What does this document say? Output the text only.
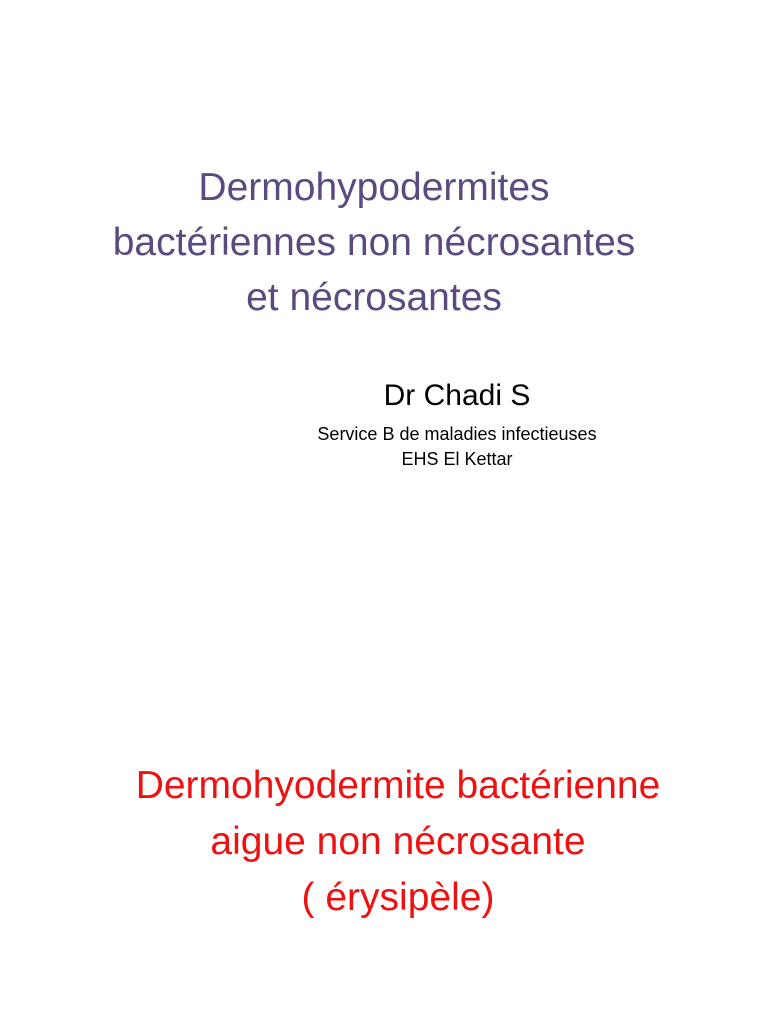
Dermohypodermites
bactériennes non nécrosantes
et nécrosantes
Dr Chadi S
Service B de maladies infectieuses
EHS El Kettar
Dermohyodermite bactérienne
aigue non nécrosante
( érysipèle)
